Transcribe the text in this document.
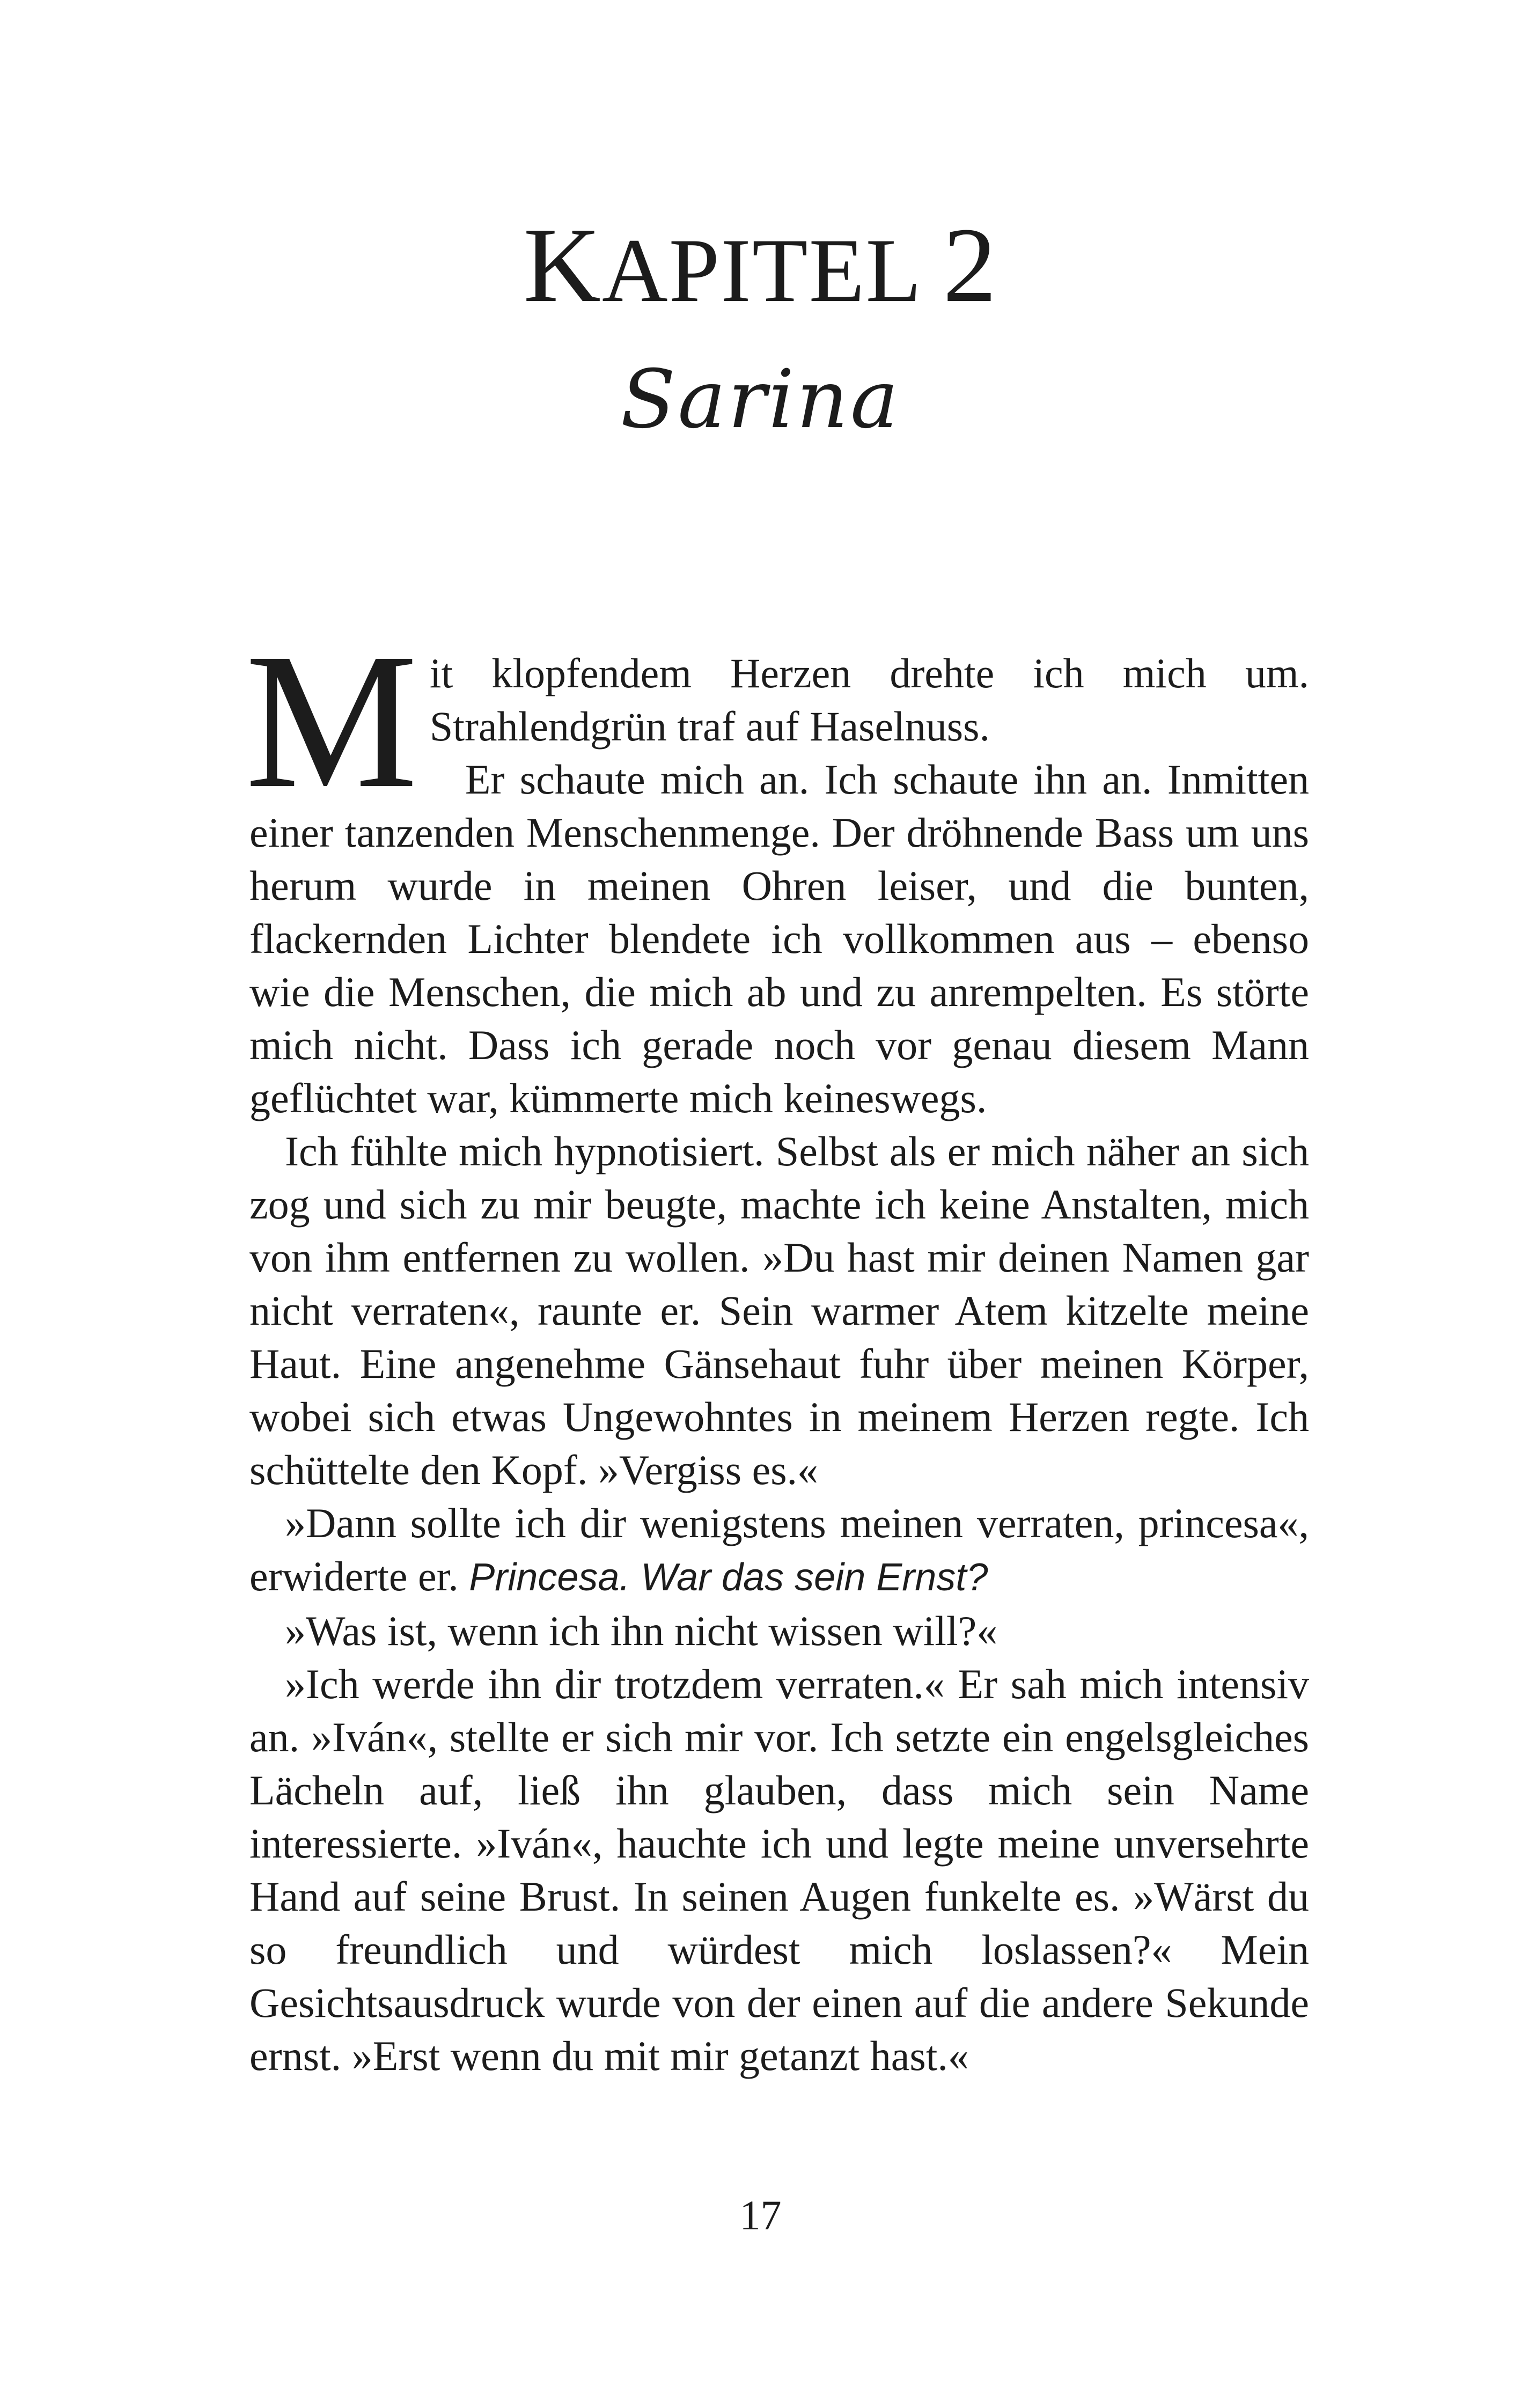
KAPITEL 2
Sarina

Mit klopfendem Herzen drehte ich mich um. Strahlendgrün traf auf Haselnuss.

Er schaute mich an. Ich schaute ihn an. Inmitten einer tanzenden Menschenmenge. Der dröhnende Bass um uns herum wurde in meinen Ohren leiser, und die bunten, flackernden Lichter blendete ich vollkommen aus – ebenso wie die Menschen, die mich ab und zu anrempelten. Es störte mich nicht. Dass ich gerade noch vor genau diesem Mann geflüchtet war, kümmerte mich keineswegs.

Ich fühlte mich hypnotisiert. Selbst als er mich näher an sich zog und sich zu mir beugte, machte ich keine Anstalten, mich von ihm entfernen zu wollen. »Du hast mir deinen Namen gar nicht verraten«, raunte er. Sein warmer Atem kitzelte meine Haut. Eine angenehme Gänsehaut fuhr über meinen Körper, wobei sich etwas Ungewohntes in meinem Herzen regte. Ich schüttelte den Kopf. »Vergiss es.«

»Dann sollte ich dir wenigstens meinen verraten, princesa«, erwiderte er. Princesa. War das sein Ernst?

»Was ist, wenn ich ihn nicht wissen will?«

»Ich werde ihn dir trotzdem verraten.« Er sah mich intensiv an. »Iván«, stellte er sich mir vor. Ich setzte ein engelsgleiches Lächeln auf, ließ ihn glauben, dass mich sein Name interessierte. »Iván«, hauchte ich und legte meine unversehrte Hand auf seine Brust. In seinen Augen funkelte es. »Wärst du so freundlich und würdest mich loslassen?« Mein Gesichtsausdruck wurde von der einen auf die andere Sekunde ernst. »Erst wenn du mit mir getanzt hast.«

17
